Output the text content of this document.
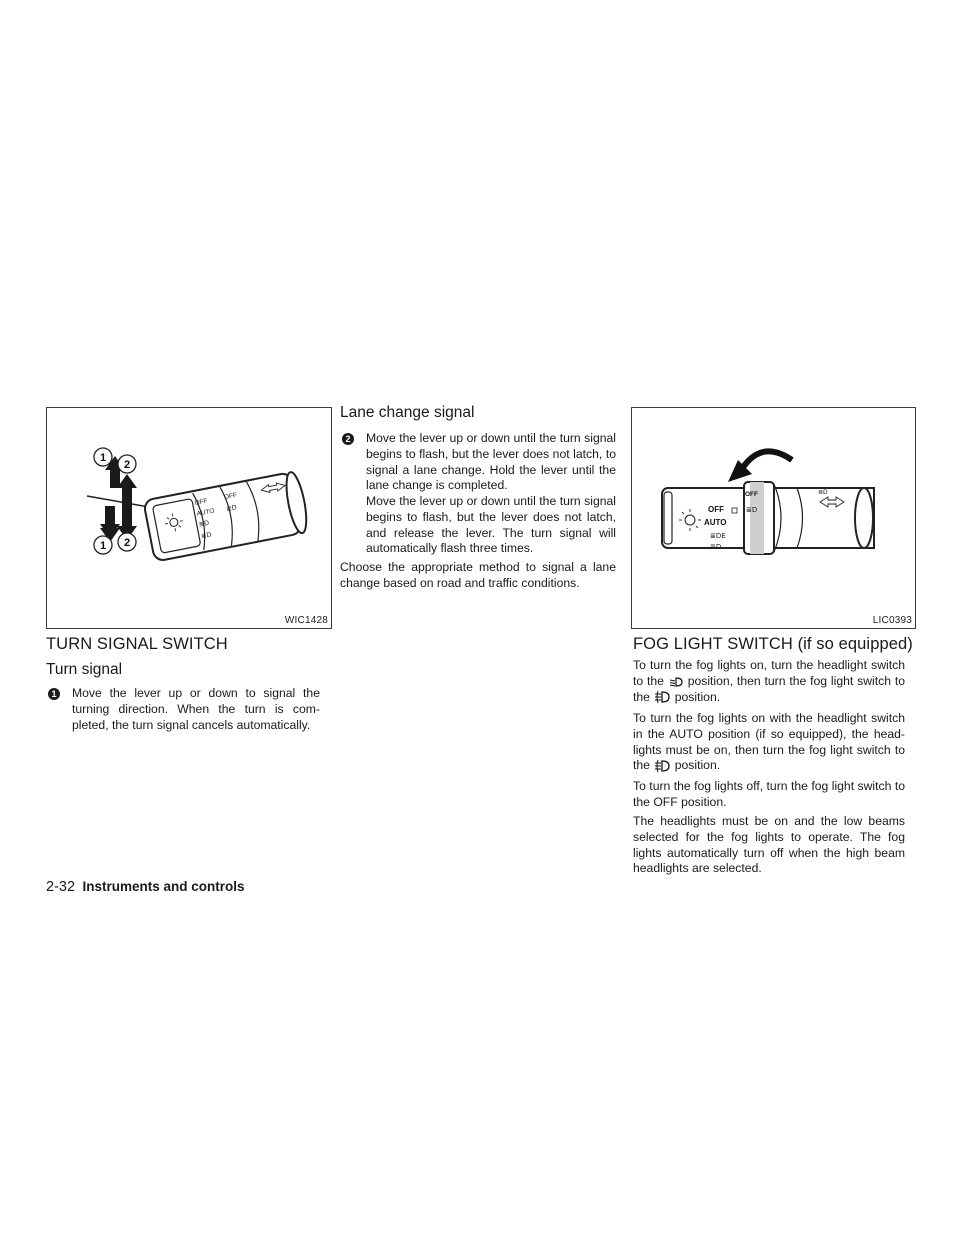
OFF
AUTO
OFF
≣D
≣D
≣D
1
2
1 2
WIC1428
TURN SIGNAL SWITCH
Turn signal
1 Move the lever up or down to signal the turning direction. When the turn is com-pleted, the turn signal cancels automatically.
Lane change signal
2 Move the lever up or down until the turn signal begins to flash, but the lever does not latch, to signal a lane change. Hold the lever until the lane change is completed.
Move the lever up or down until the turn signal begins to flash, but the lever does not latch, and release the lever. The turn signal will automatically flash three times.
Choose the appropriate method to signal a lane change based on road and traffic conditions.
OFF
AUTO
≣DE
≣D
OFF
≣D
≣D
LIC0393
FOG LIGHT SWITCH (if so equipped)
To turn the fog lights on, turn the headlight switch to the position, then turn the fog light switch to the position.
To turn the fog lights on with the headlight switch in the AUTO position (if so equipped), the head-lights must be on, then turn the fog light switch to the position.
To turn the fog lights off, turn the fog light switch to the OFF position.
The headlights must be on and the low beams selected for the fog lights to operate. The fog lights automatically turn off when the high beam headlights are selected.
2-32 Instruments and controls
